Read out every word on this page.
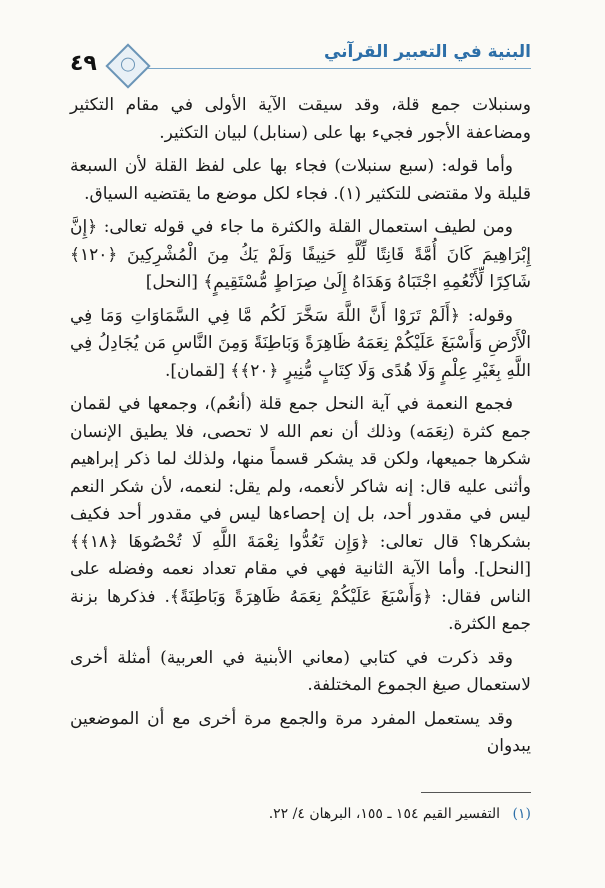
البنية في التعبير القرآني
٤٩

وسنبلات جمع قلة، وقد سيقت الآية الأولى في مقام التكثير ومضاعفة الأجور فجيء بها على (سنابل) لبيان التكثير.

وأما قوله: (سبع سنبلات) فجاء بها على لفظ القلة لأن السبعة قليلة ولا مقتضى للتكثير (١). فجاء لكل موضع ما يقتضيه السياق.

ومن لطيف استعمال القلة والكثرة ما جاء في قوله تعالى: ﴿إِنَّ إِبْرَاهِيمَ كَانَ أُمَّةً قَانِتًا لِّلَّهِ حَنِيفًا وَلَمْ يَكُ مِنَ الْمُشْرِكِينَ ﴿١٢٠﴾ شَاكِرًا لِّأَنْعُمِهِ اجْتَبَاهُ وَهَدَاهُ إِلَىٰ صِرَاطٍ مُّسْتَقِيمٍ﴾ [النحل]

وقوله: ﴿أَلَمْ تَرَوْا أَنَّ اللَّهَ سَخَّرَ لَكُم مَّا فِي السَّمَاوَاتِ وَمَا فِي الْأَرْضِ وَأَسْبَغَ عَلَيْكُمْ نِعَمَهُ ظَاهِرَةً وَبَاطِنَةً وَمِنَ النَّاسِ مَن يُجَادِلُ فِي اللَّهِ بِغَيْرِ عِلْمٍ وَلَا هُدًى وَلَا كِتَابٍ مُّنِيرٍ ﴿٢٠﴾﴾ [لقمان].

فجمع النعمة في آية النحل جمع قلة (أنعُم)، وجمعها في لقمان جمع كثرة (نِعَمَه) وذلك أن نعم الله لا تحصى، فلا يطيق الإنسان شكرها جميعها، ولكن قد يشكر قسماً منها، ولذلك لما ذكر إبراهيم وأثنى عليه قال: إنه شاكر لأنعمه، ولم يقل: لنعمه، لأن شكر النعم ليس في مقدور أحد، بل إن إحصاءها ليس في مقدور أحد فكيف بشكرها؟ قال تعالى: ﴿وَإِن تَعُدُّوا نِعْمَةَ اللَّهِ لَا تُحْصُوهَا ﴿١٨﴾﴾ [النحل]. وأما الآية الثانية فهي في مقام تعداد نعمه وفضله على الناس فقال: ﴿وَأَسْبَغَ عَلَيْكُمْ نِعَمَهُ ظَاهِرَةً وَبَاطِنَةً﴾. فذكرها بزنة جمع الكثرة.

وقد ذكرت في كتابي (معاني الأبنية في العربية) أمثلة أخرى لاستعمال صيغ الجموع المختلفة.

وقد يستعمل المفرد مرة والجمع مرة أخرى مع أن الموضعين يبدوان

(١) التفسير القيم ١٥٤ ـ ١٥٥، البرهان ٤/ ٢٢.
